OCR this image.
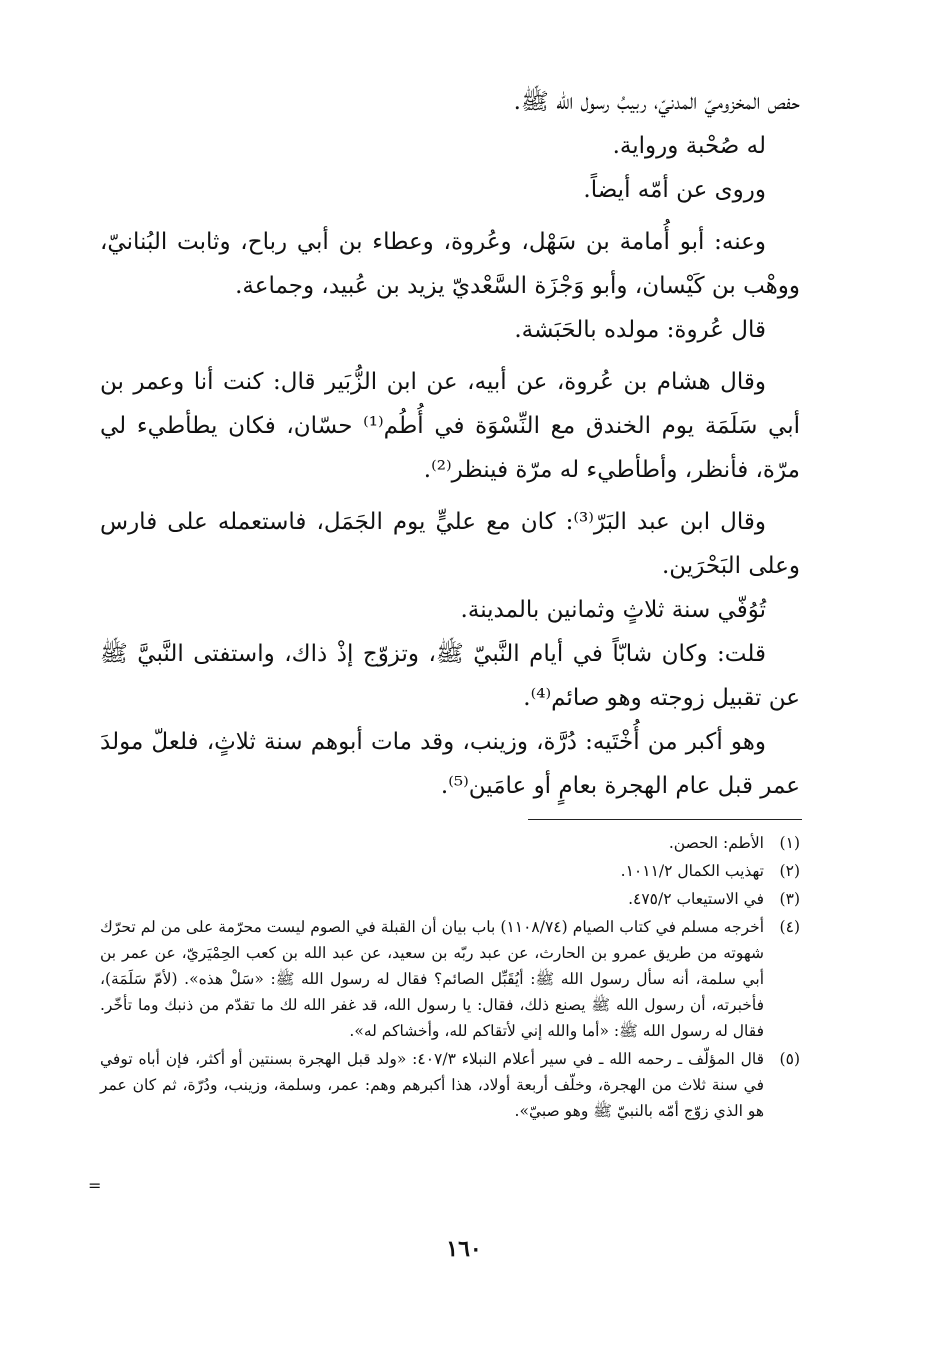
حفص المخزوميّ المدنيّ، ربيبُ رسول الله ﷺ.

له صُحْبة ورواية.

وروى عن أمّه أيضاً.

وعنه: أبو أُمامة بن سَهْل، وعُروة، وعطاء بن أبي رباح، وثابت البُنانيّ، ووهْب بن كَيْسان، وأبو وَجْزَة السَّعْديّ يزيد بن عُبيد، وجماعة.

قال عُروة: مولده بالحَبَشة.

وقال هشام بن عُروة، عن أبيه، عن ابن الزُّبَير قال: كنت أنا وعمر بن أبي سَلَمَة يوم الخندق مع النِّسْوَة في أُطُم⁽¹⁾ حسّان، فكان يطأطيء لي مرّة، فأنظر، وأطأطيء له مرّة فينظر⁽²⁾.

وقال ابن عبد البَرّ⁽³⁾: كان مع عليٍّ يوم الجَمَل، فاستعمله على فارس وعلى البَحْرَين.

تُوُفّي سنة ثلاثٍ وثمانين بالمدينة.

قلت: وكان شابّاً في أيام النَّبيّ ﷺ، وتزوّج إذْ ذاك، واستفتى النَّبيَّ ﷺ عن تقبيل زوجته وهو صائم⁽⁴⁾.

وهو أكبر من أُخْتَيه: دُرَّة، وزينب، وقد مات أبوهم سنة ثلاثٍ، فلعلّ مولدَ عمر قبل عام الهجرة بعامٍ أو عامَين⁽⁵⁾.

(١)
الأطم: الحصن.
(٢)
تهذيب الكمال ١٠١١/٢.
(٣)
في الاستيعاب ٤٧٥/٢.
(٤)
أخرجه مسلم في كتاب الصيام (١١٠٨/٧٤) باب بيان أن القبلة في الصوم ليست محرّمة على من لم تحرّك شهوته من طريق عمرو بن الحارث، عن عبد ربّه بن سعيد، عن عبد الله بن كعب الحِمْيَريّ، عن عمر بن أبي سلمة، أنه سأل رسول الله ﷺ: أيُقَبِّل الصائم؟ فقال له رسول الله ﷺ: «سَلْ هذه». (لأمّ سَلَمَة)، فأخبرته، أن رسول الله ﷺ يصنع ذلك، فقال: يا رسول الله، قد غفر الله لك ما تقدّم من ذنبك وما تأخّر. فقال له رسول الله ﷺ: «أما والله إني لأتقاكم لله، وأخشاكم له».
(٥)
قال المؤلّف ـ رحمه الله ـ في سير أعلام النبلاء ٤٠٧/٣: «ولد قبل الهجرة بسنتين أو أكثر، فإن أباه توفي في سنة ثلاث من الهجرة، وخلّف أربعة أولاد، هذا أكبرهم وهم: عمر، وسلمة، وزينب، ودُرّة، ثم كان عمر هو الذي زوّج أمّه بالنبيّ ﷺ وهو صبيّ».
=
١٦٠
